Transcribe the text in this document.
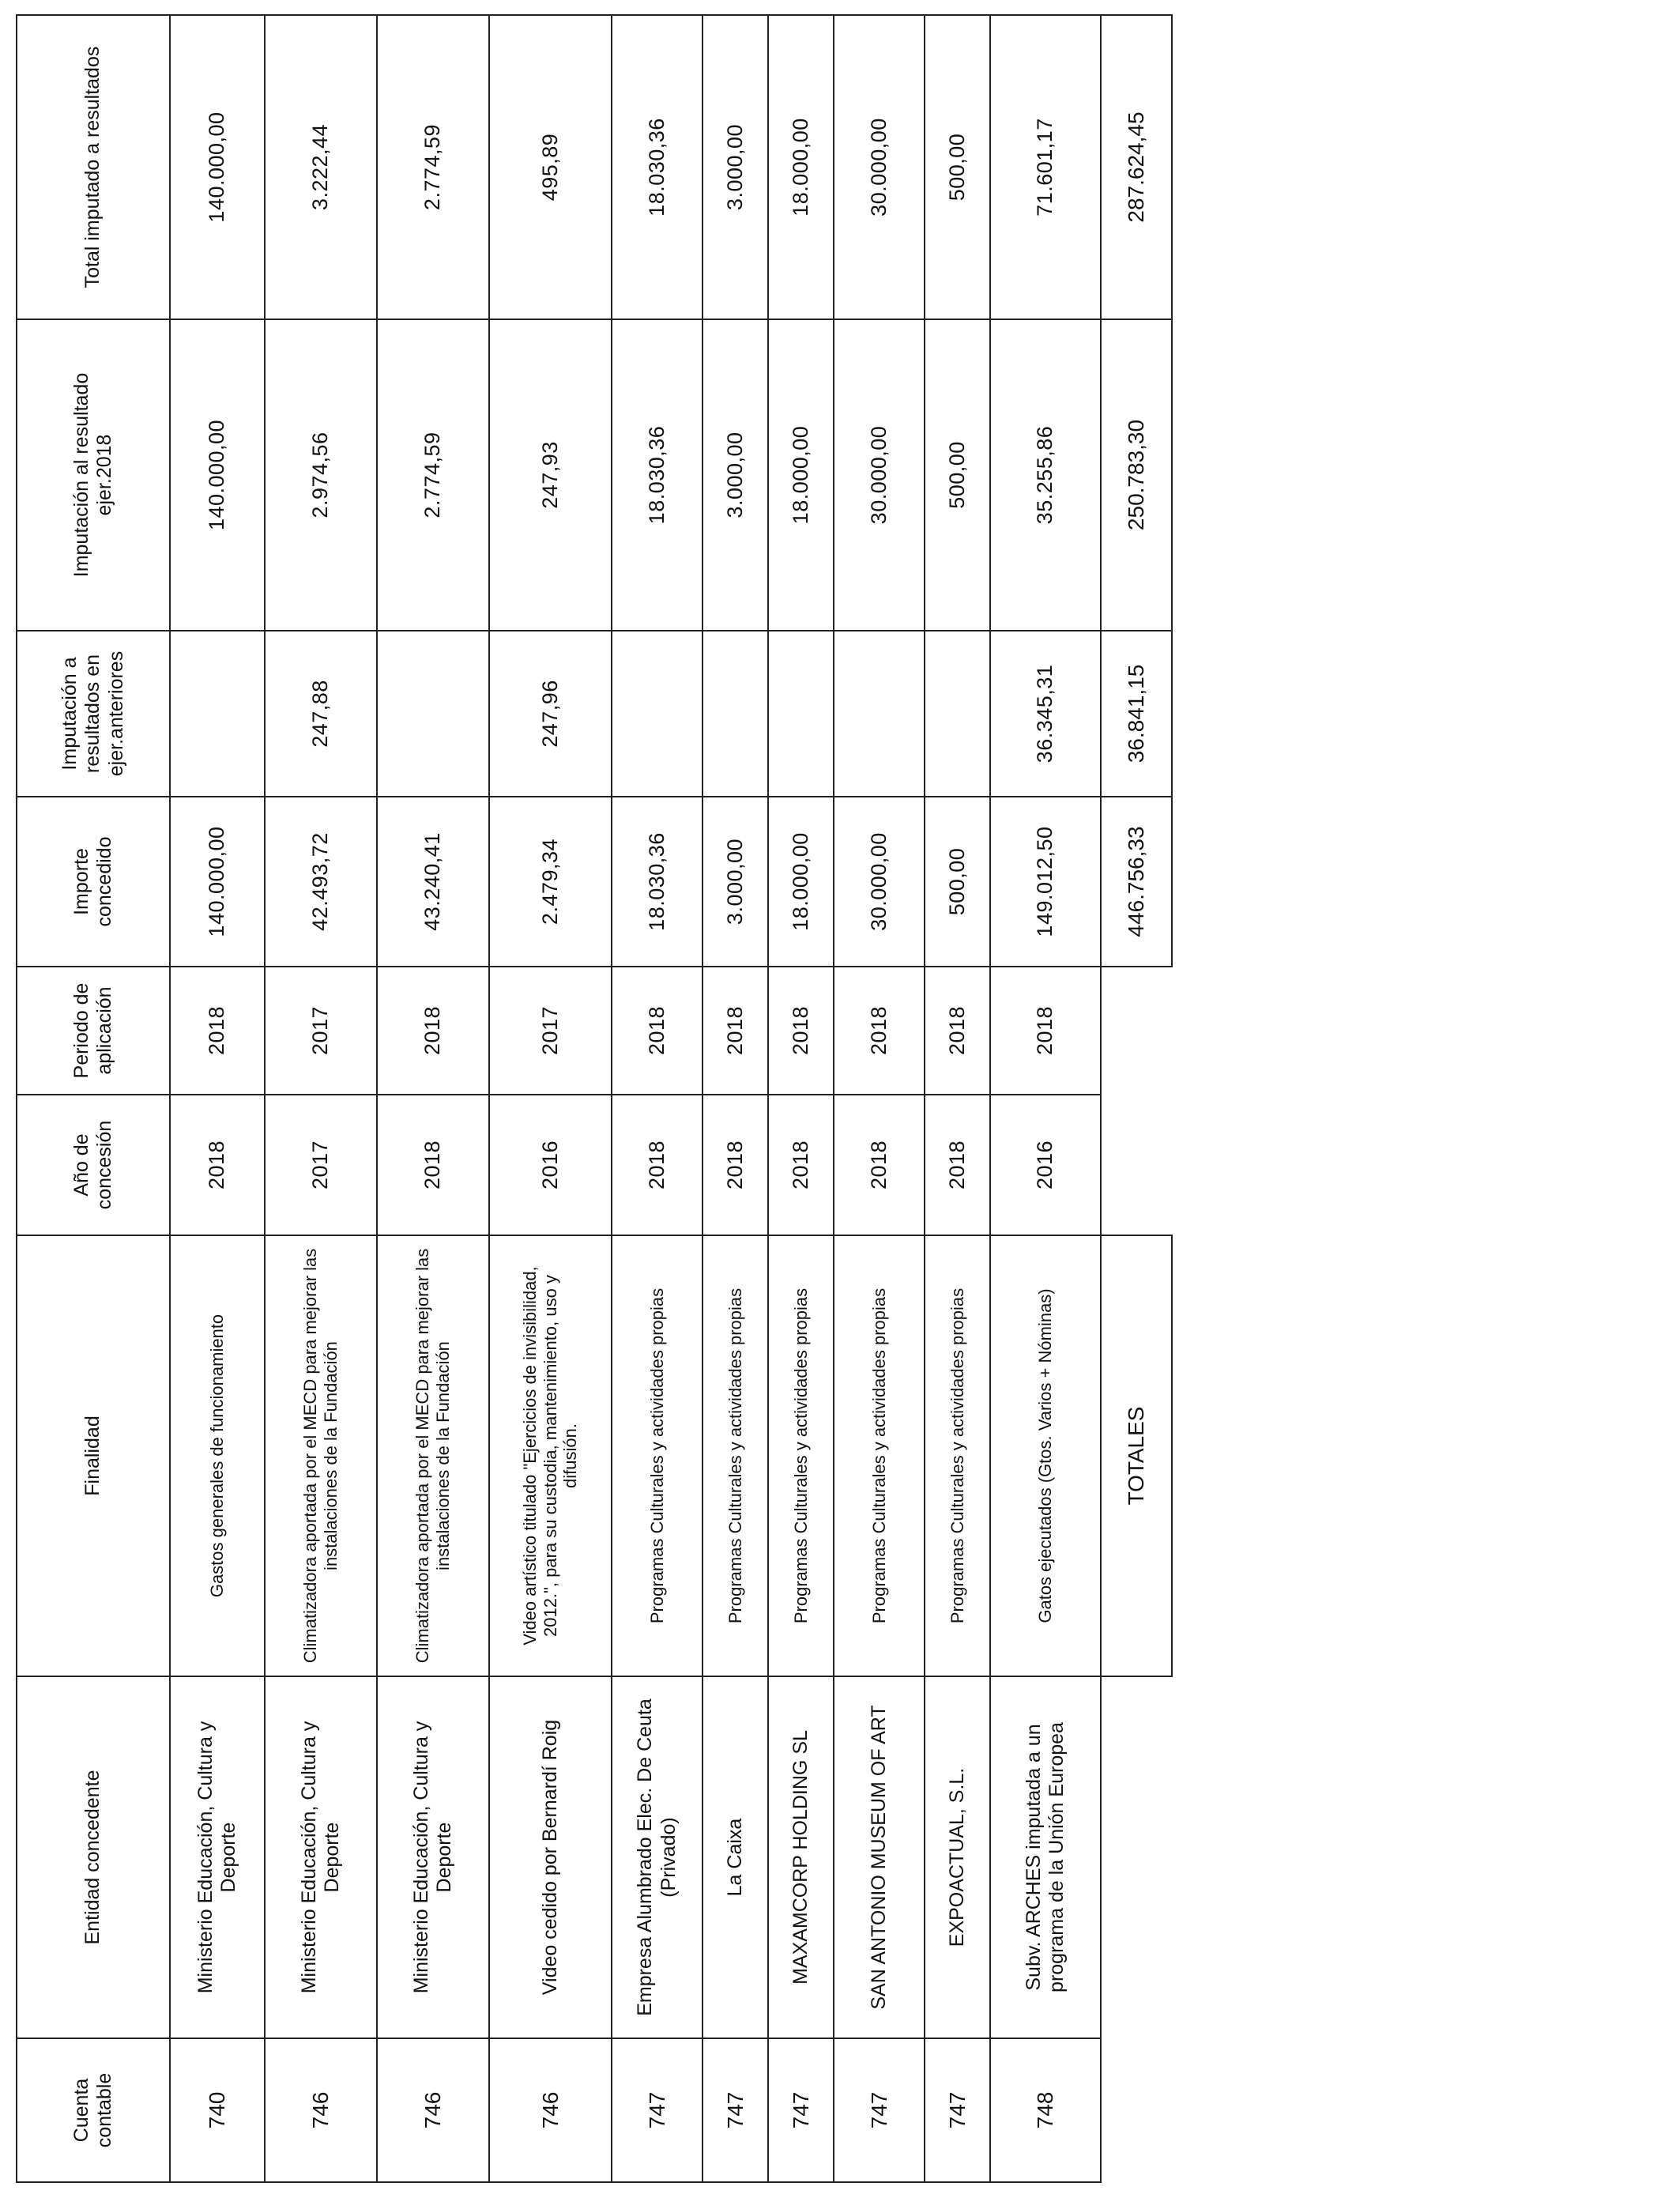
Cuenta contable	Entidad concedente	Finalidad	Año de concesión	Periodo de aplicación	Importe concedido	Imputación a resultados en ejer.anteriores	Imputación al resultado ejer.2018	Total imputado a resultados
740	Ministerio Educación, Cultura y Deporte	Gastos generales de funcionamiento	2018	2018	140.000,00		140.000,00	140.000,00
746	Ministerio Educación, Cultura y Deporte	Climatizadora aportada por el MECD para mejorar las instalaciones de la Fundación	2017	2017	42.493,72	247,88	2.974,56	3.222,44
746	Ministerio Educación, Cultura y Deporte	Climatizadora aportada por el MECD para mejorar las instalaciones de la Fundación	2018	2018	43.240,41		2.774,59	2.774,59
746	Video cedido por Bernardí Roig	Video artístico titulado "Ejercicios de invisibilidad, 2012.", para su custodia, mantenimiento, uso y difusión.	2016	2017	2.479,34	247,96	247,93	495,89
747	Empresa Alumbrado Elec. De Ceuta (Privado)	Programas Culturales y actividades propias	2018	2018	18.030,36		18.030,36	18.030,36
747	La Caixa	Programas Culturales y actividades propias	2018	2018	3.000,00		3.000,00	3.000,00
747	MAXAMCORP HOLDING SL	Programas Culturales y actividades propias	2018	2018	18.000,00		18.000,00	18.000,00
747	SAN ANTONIO MUSEUM OF ART	Programas Culturales y actividades propias	2018	2018	30.000,00		30.000,00	30.000,00
747	EXPOACTUAL, S.L.	Programas Culturales y actividades propias	2018	2018	500,00		500,00	500,00
748	Subv. ARCHES imputada a un programa de la Unión Europea	Gatos ejecutados (Gtos. Varios + Nóminas)	2016	2018	149.012,50	36.345,31	35.255,86	71.601,17
		TOTALES			446.756,33	36.841,15	250.783,30	287.624,45
